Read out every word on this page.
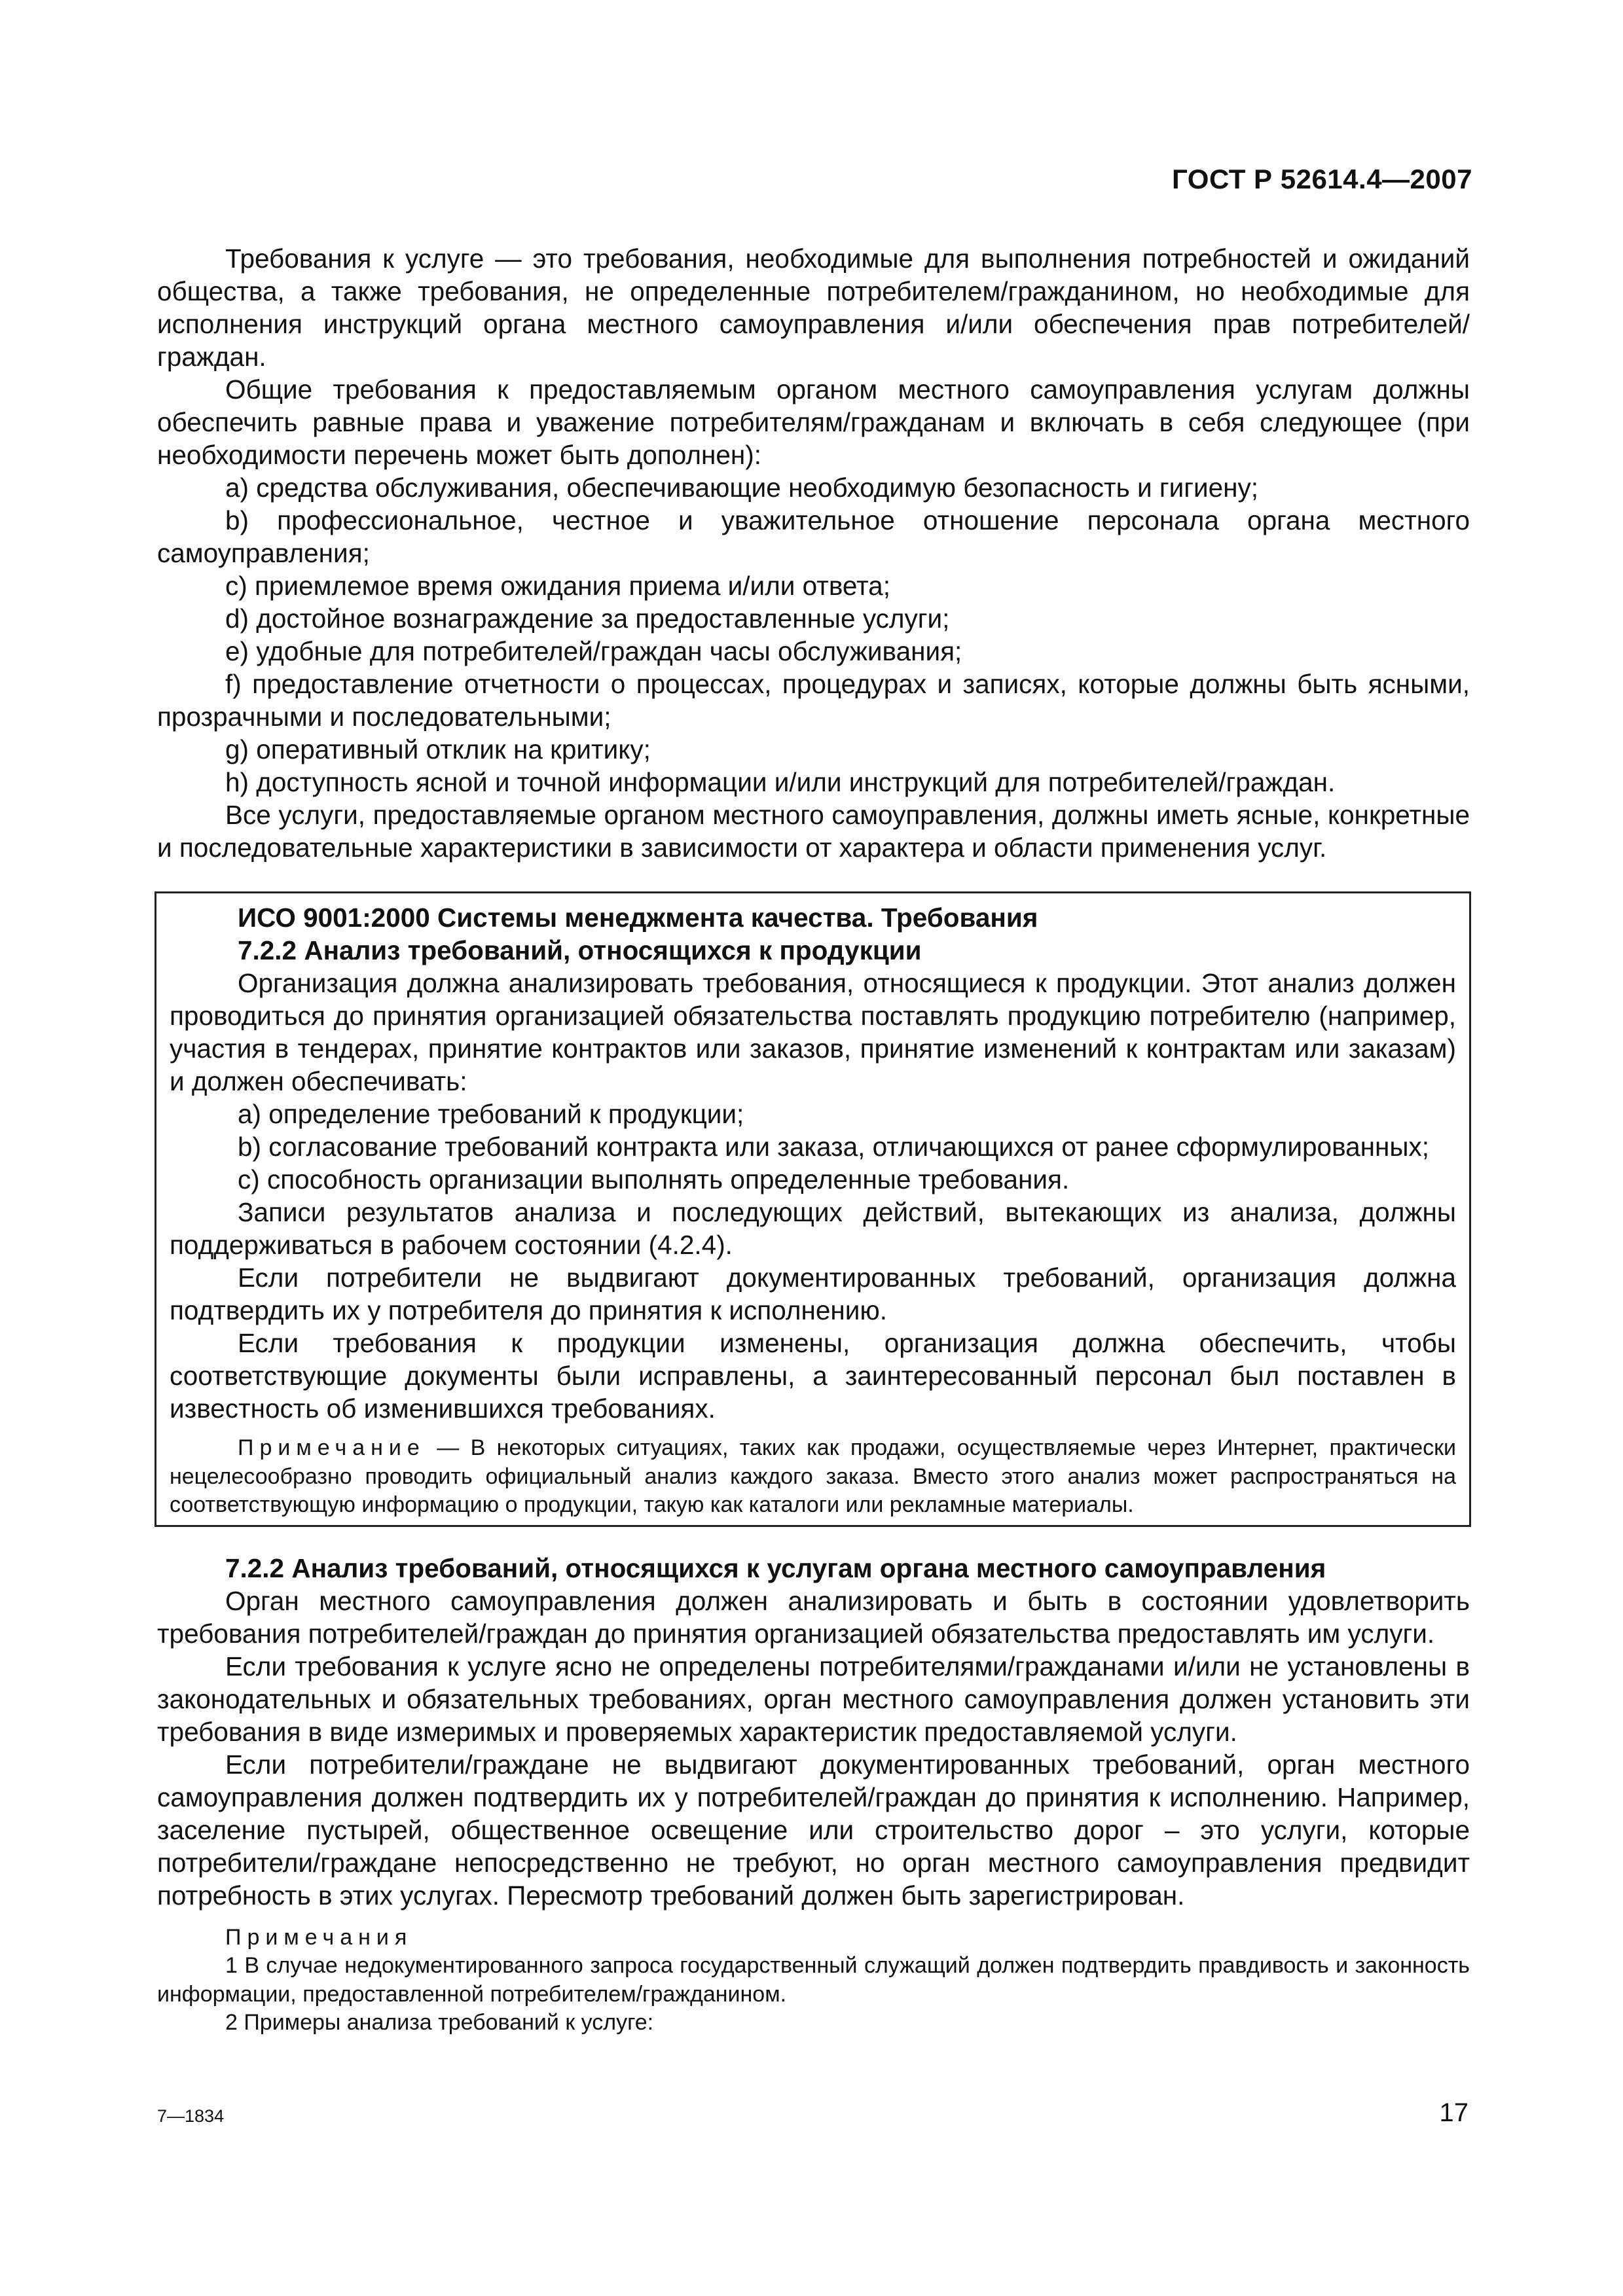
ГОСТ Р 52614.4—2007

Требования к услуге — это требования, необходимые для выполнения потребностей и ожиданий общества, а также требования, не определенные потребителем/гражданином, но необходимые для исполнения инструкций органа местного самоуправления и/или обеспечения прав потребителей/граждан.

Общие требования к предоставляемым органом местного самоуправления услугам должны обеспечить равные права и уважение потребителям/гражданам и включать в себя следующее (при необходимости перечень может быть дополнен):

a) средства обслуживания, обеспечивающие необходимую безопасность и гигиену;

b) профессиональное, честное и уважительное отношение персонала органа местного самоуправления;

c) приемлемое время ожидания приема и/или ответа;

d) достойное вознаграждение за предоставленные услуги;

e) удобные для потребителей/граждан часы обслуживания;

f) предоставление отчетности о процессах, процедурах и записях, которые должны быть ясными, прозрачными и последовательными;

g) оперативный отклик на критику;

h) доступность ясной и точной информации и/или инструкций для потребителей/граждан.

Все услуги, предоставляемые органом местного самоуправления, должны иметь ясные, конкретные и последовательные характеристики в зависимости от характера и области применения услуг.

ИСО 9001:2000 Системы менеджмента качества. Требования

7.2.2 Анализ требований, относящихся к продукции

Организация должна анализировать требования, относящиеся к продукции. Этот анализ должен проводиться до принятия организацией обязательства поставлять продукцию потребителю (например, участия в тендерах, принятие контрактов или заказов, принятие изменений к контрактам или заказам) и должен обеспечивать:

a) определение требований к продукции;

b) согласование требований контракта или заказа, отличающихся от ранее сформулированных;

c) способность организации выполнять определенные требования.

Записи результатов анализа и последующих действий, вытекающих из анализа, должны поддерживаться в рабочем состоянии (4.2.4).

Если потребители не выдвигают документированных требований, организация должна подтвердить их у потребителя до принятия к исполнению.

Если требования к продукции изменены, организация должна обеспечить, чтобы соответствующие документы были исправлены, а заинтересованный персонал был поставлен в известность об изменившихся требованиях.

Примечание — В некоторых ситуациях, таких как продажи, осуществляемые через Интернет, практически нецелесообразно проводить официальный анализ каждого заказа. Вместо этого анализ может распространяться на соответствующую информацию о продукции, такую как каталоги или рекламные материалы.

7.2.2 Анализ требований, относящихся к услугам органа местного самоуправления

Орган местного самоуправления должен анализировать и быть в состоянии удовлетворить требования потребителей/граждан до принятия организацией обязательства предоставлять им услуги.

Если требования к услуге ясно не определены потребителями/гражданами и/или не установлены в законодательных и обязательных требованиях, орган местного самоуправления должен установить эти требования в виде измеримых и проверяемых характеристик предоставляемой услуги.

Если потребители/граждане не выдвигают документированных требований, орган местного самоуправления должен подтвердить их у потребителей/граждан до принятия к исполнению. Например, заселение пустырей, общественное освещение или строительство дорог – это услуги, которые потребители/граждане непосредственно не требуют, но орган местного самоуправления предвидит потребность в этих услугах. Пересмотр требований должен быть зарегистрирован.

Примечания

1 В случае недокументированного запроса государственный служащий должен подтвердить правдивость и законность информации, предоставленной потребителем/гражданином.

2 Примеры анализа требований к услуге:

7—1834	17
